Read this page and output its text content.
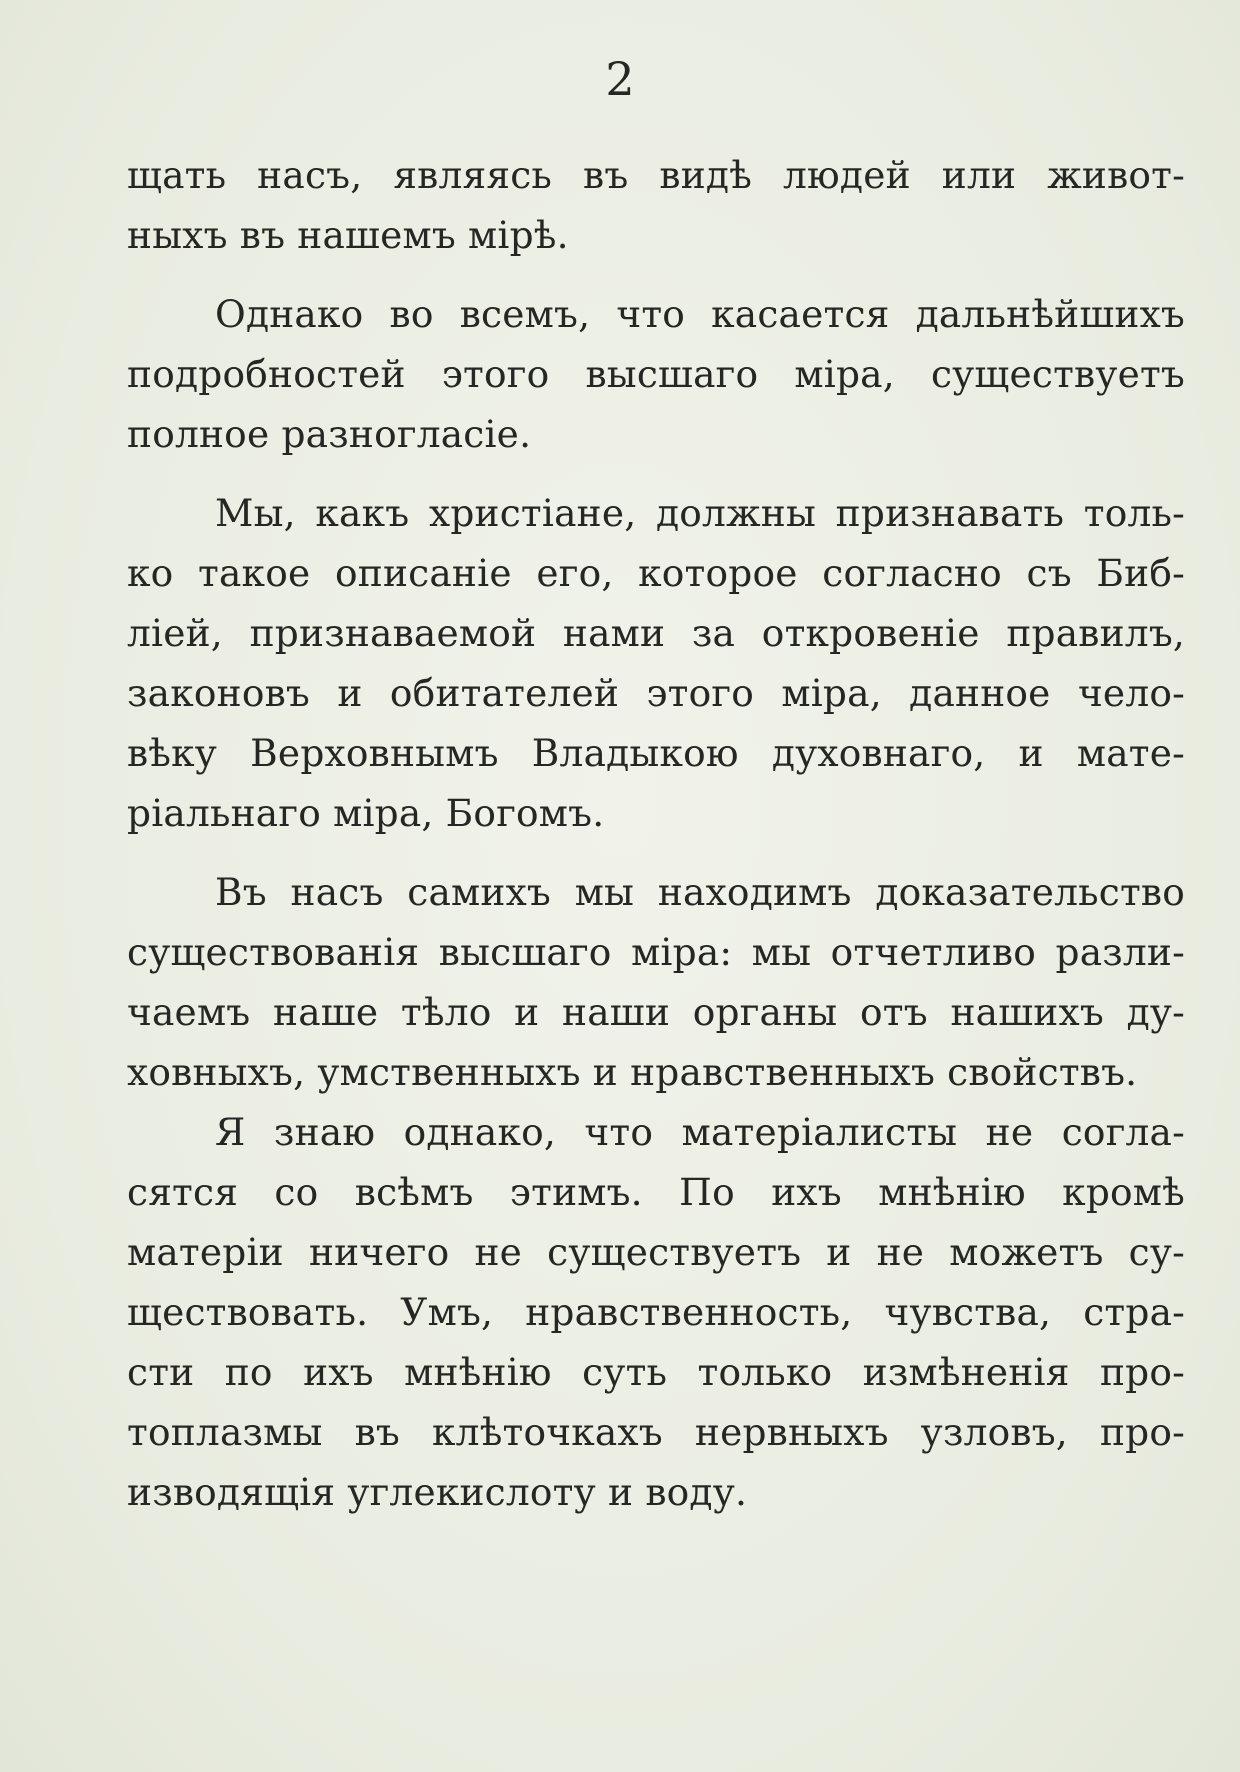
2
щать насъ, являясь въ видѣ людей или живот-
ныхъ въ нашемъ мірѣ.
Однако во всемъ, что касается дальнѣйшихъ
подробностей этого высшаго міра, существуетъ
полное разногласіе.
Мы, какъ христіане, должны признавать толь-
ко такое описаніе его, которое согласно съ Биб-
ліей, признаваемой нами за откровеніе правилъ,
законовъ и обитателей этого міра, данное чело-
вѣку Верховнымъ Владыкою духовнаго, и мате-
ріальнаго міра, Богомъ.
Въ насъ самихъ мы находимъ доказательство
существованія высшаго міра: мы отчетливо разли-
чаемъ наше тѣло и наши органы отъ нашихъ ду-
ховныхъ, умственныхъ и нравственныхъ свойствъ.
Я знаю однако, что матеріалисты не согла-
сятся со всѣмъ этимъ. По ихъ мнѣнію кромѣ
матеріи ничего не существуетъ и не можетъ су-
ществовать. Умъ, нравственность, чувства, стра-
сти по ихъ мнѣнію суть только измѣненія про-
топлазмы въ клѣточкахъ нервныхъ узловъ, про-
изводящія углекислоту и воду.
